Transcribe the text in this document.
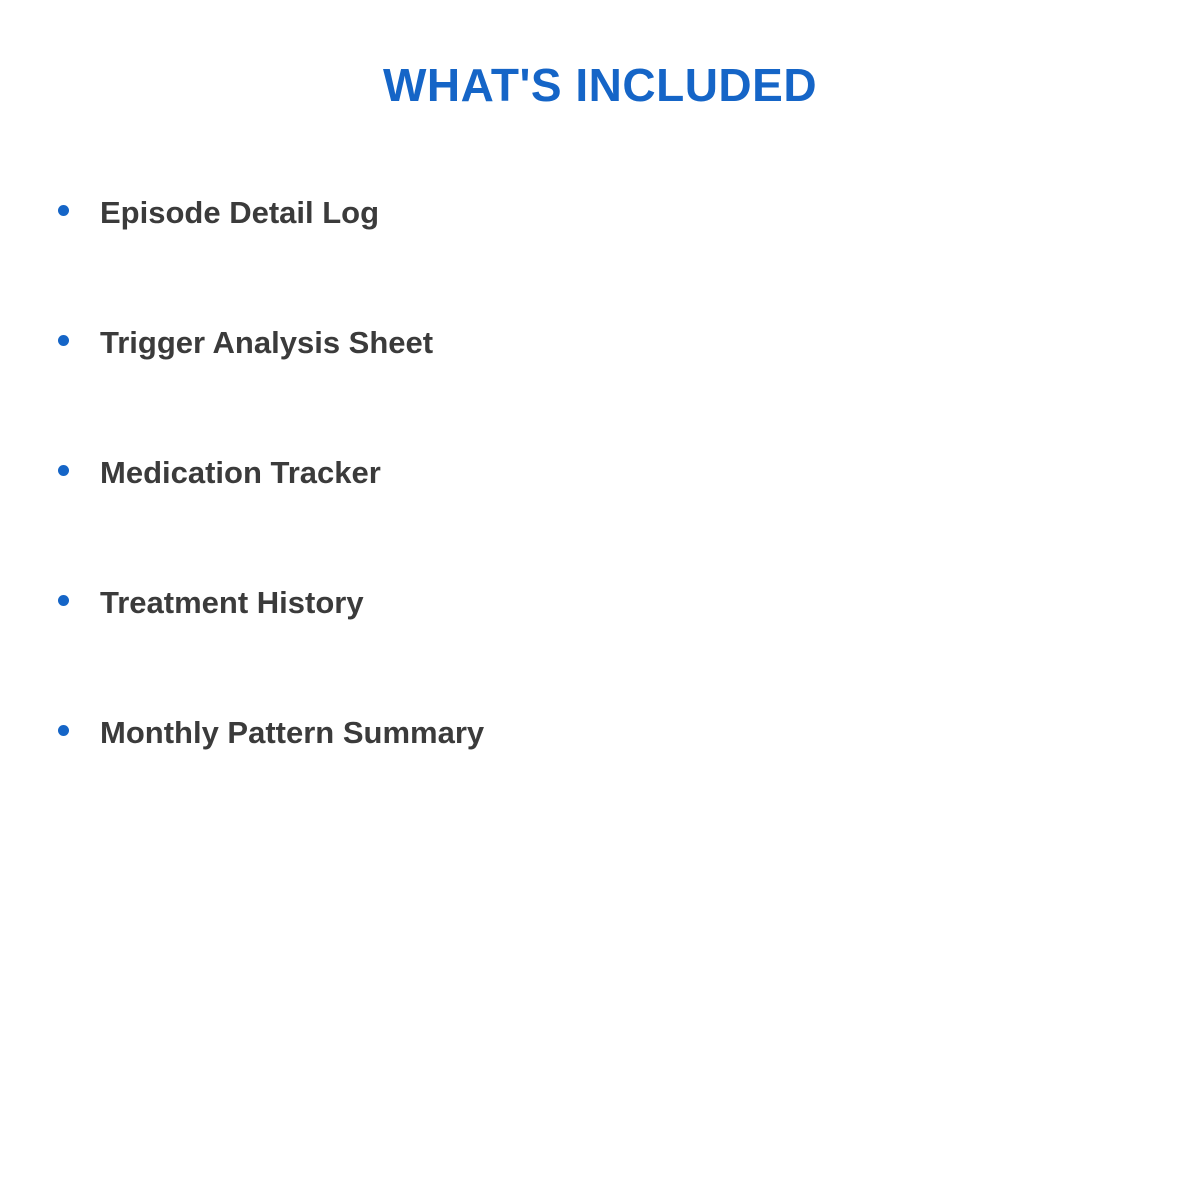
WHAT'S INCLUDED
Episode Detail Log
Trigger Analysis Sheet
Medication Tracker
Treatment History
Monthly Pattern Summary
